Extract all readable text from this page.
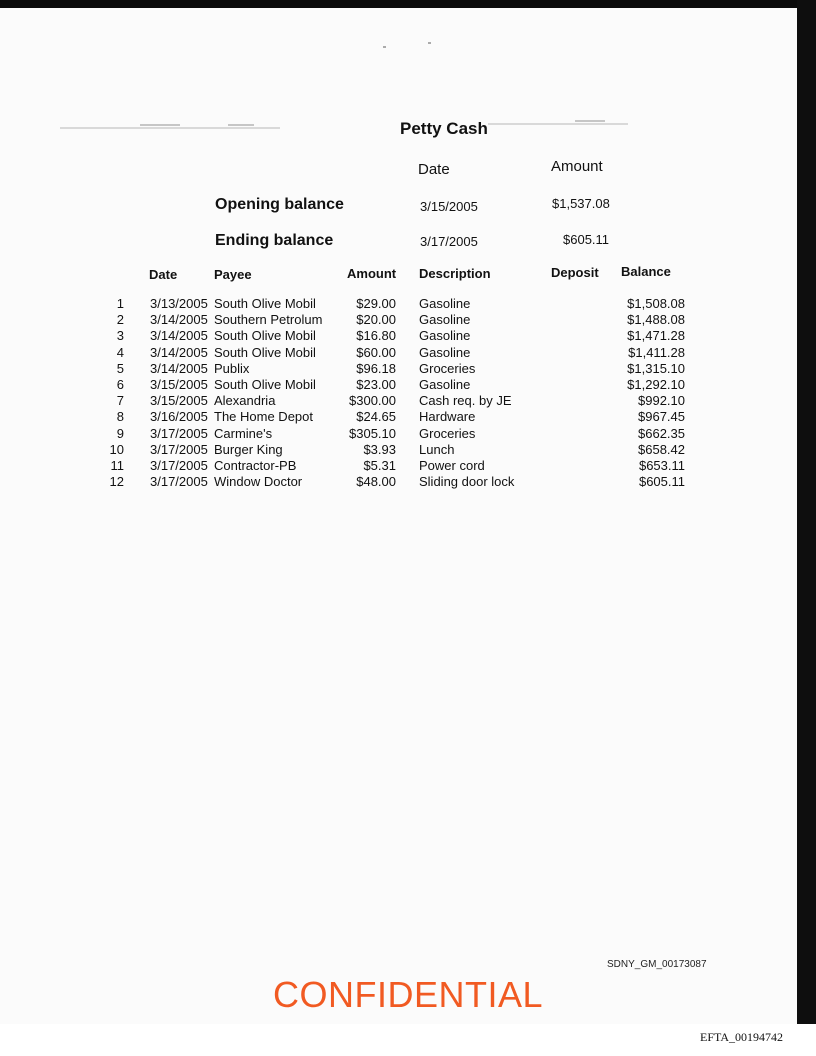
Petty Cash
Date	Amount
Opening balance	3/15/2005	$1,537.08
Ending balance	3/17/2005	$605.11
Date	Payee	Amount Description	Deposit Balance
1 3/13/2005 South Olive Mobil	$29.00 Gasoline	$1,508.08
2 3/14/2005 Southern Petrolum	$20.00 Gasoline	$1,488.08
3 3/14/2005 South Olive Mobil	$16.80 Gasoline	$1,471.28
4 3/14/2005 South Olive Mobil	$60.00 Gasoline	$1,411.28
5 3/14/2005 Publix	$96.18 Groceries	$1,315.10
6 3/15/2005 South Olive Mobil	$23.00 Gasoline	$1,292.10
7 3/15/2005 Alexandria	$300.00 Cash req. by JE	$992.10
8 3/16/2005 The Home Depot	$24.65 Hardware	$967.45
9 3/17/2005 Carmine's	$305.10 Groceries	$662.35
10 3/17/2005 Burger King	$3.93 Lunch	$658.42
11 3/17/2005 Contractor-PB	$5.31 Power cord	$653.11
12 3/17/2005 Window Doctor	$48.00 Sliding door lock	$605.11
SDNY_GM_00173087
CONFIDENTIAL
EFTA_00194742
